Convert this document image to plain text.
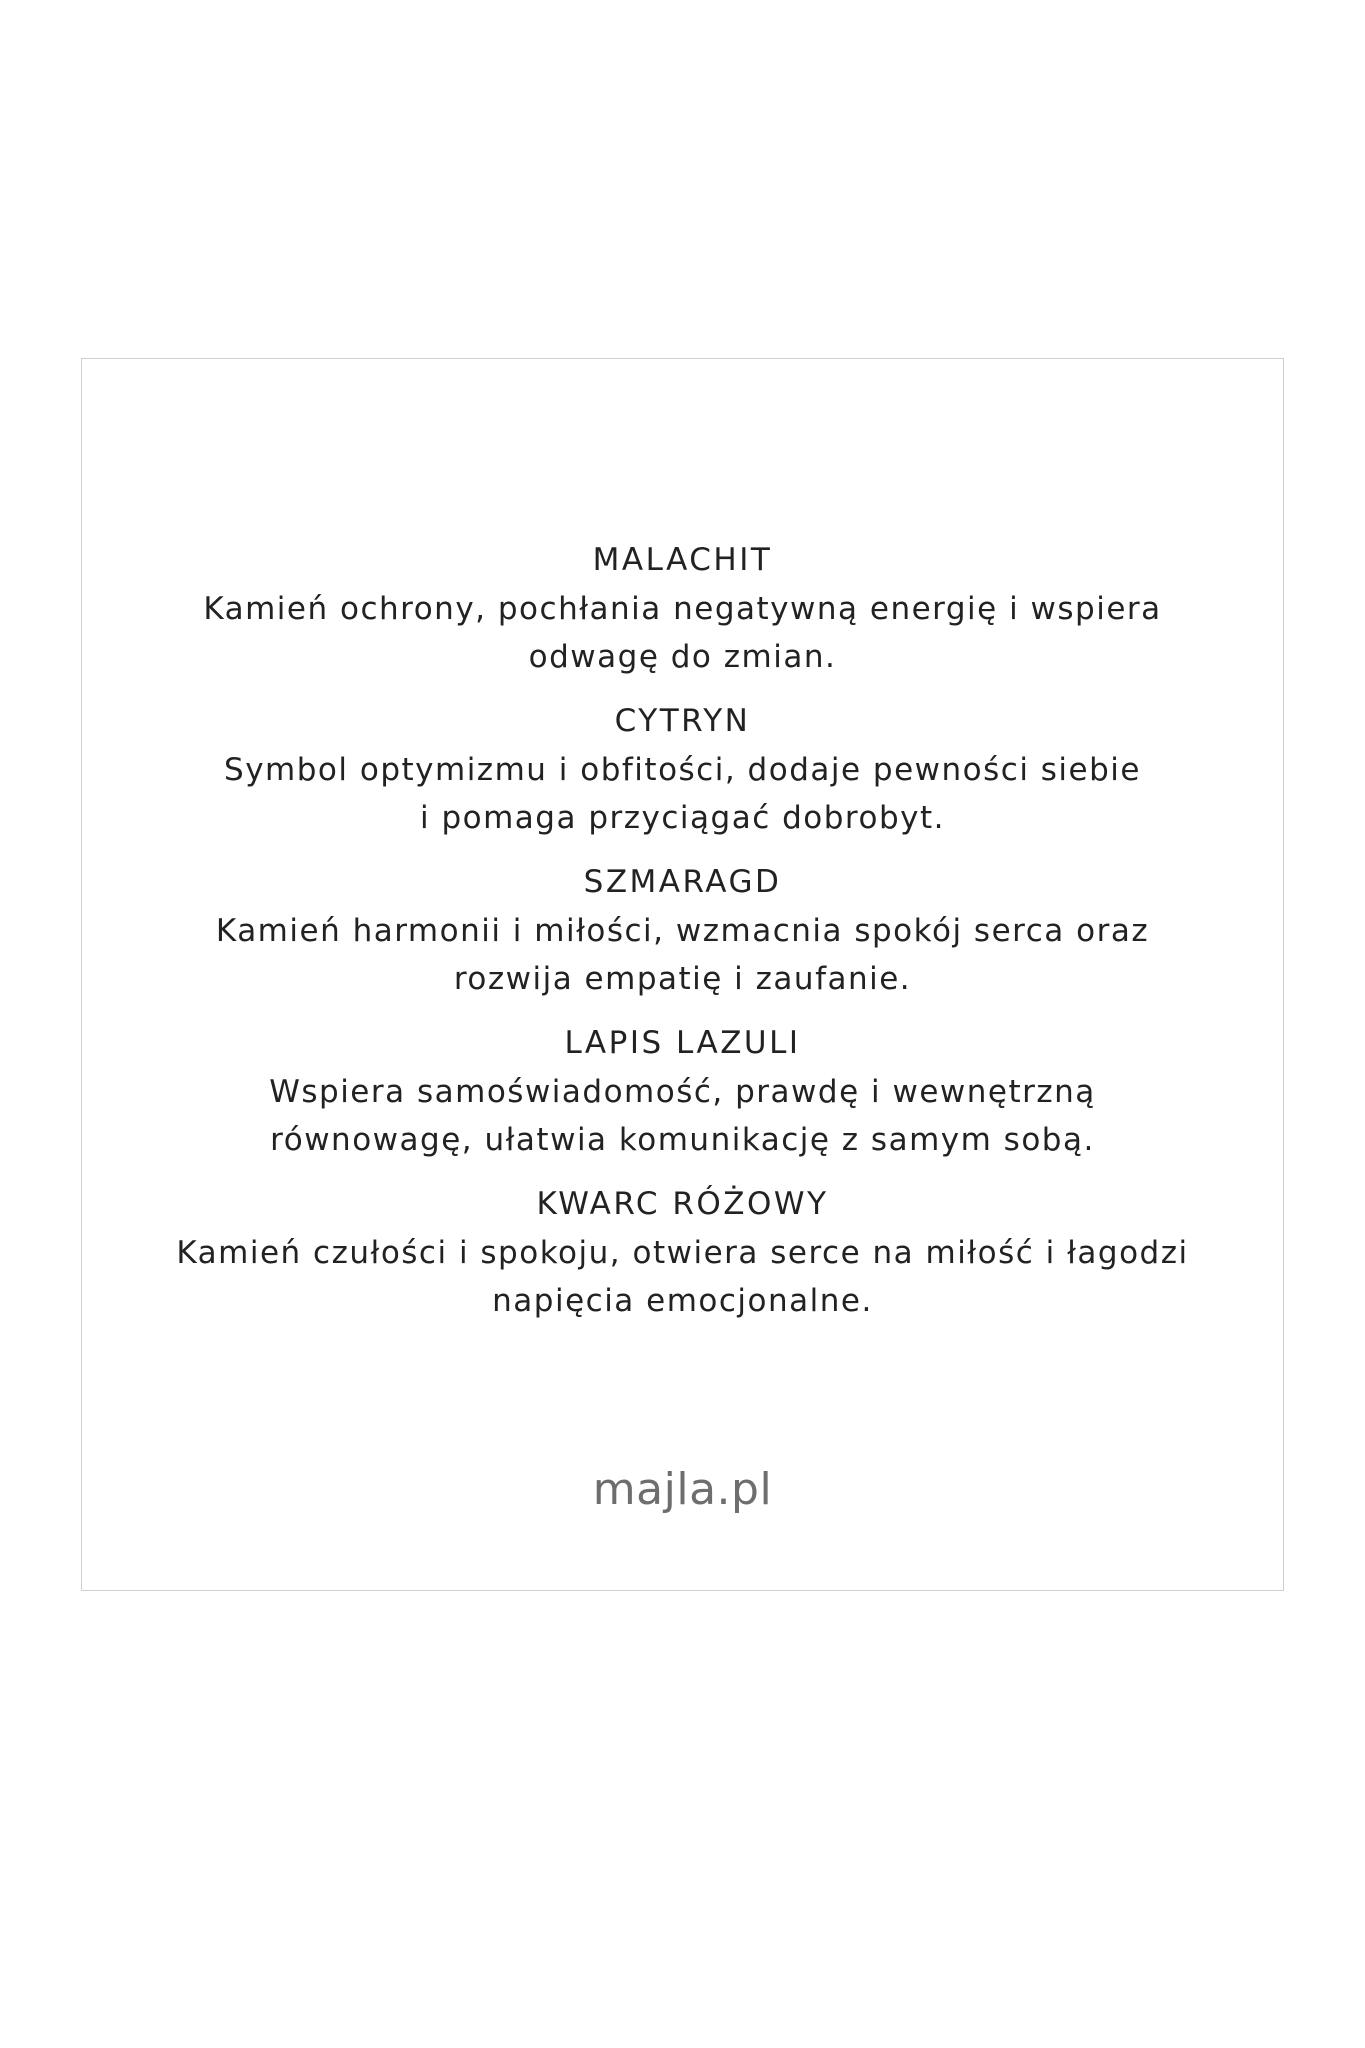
MALACHIT
Kamień ochrony, pochłania negatywną energię i wspiera
odwagę do zmian.
CYTRYN
Symbol optymizmu i obfitości, dodaje pewności siebie
i pomaga przyciągać dobrobyt.
SZMARAGD
Kamień harmonii i miłości, wzmacnia spokój serca oraz
rozwija empatię i zaufanie.
LAPIS LAZULI
Wspiera samoświadomość, prawdę i wewnętrzną
równowagę, ułatwia komunikację z samym sobą.
KWARC RÓŻOWY
Kamień czułości i spokoju, otwiera serce na miłość i łagodzi
napięcia emocjonalne.
majla.pl
